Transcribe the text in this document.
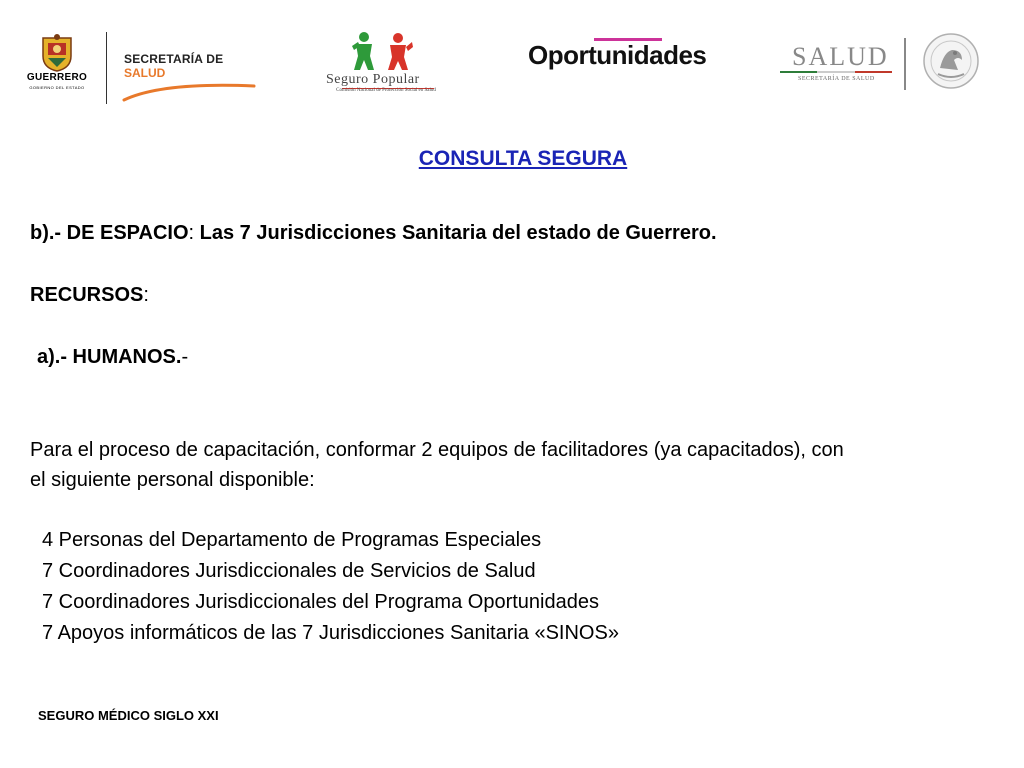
GUERRERO
GOBIERNO DEL ESTADO
SECRETARÍA DE
SALUD	Seguro Popular
Comisión Nacional de Protección Social en Salud
Oportunidades	SALUD
SECRETARÍA DE SALUD
CONSULTA SEGURA
b).- DE ESPACIO: Las 7 Jurisdicciones Sanitaria del estado de Guerrero.
RECURSOS:
a).- HUMANOS.-
Para el proceso de capacitación, conformar 2 equipos de facilitadores (ya capacitados), con
el siguiente personal disponible:
4 Personas del Departamento de Programas Especiales
7 Coordinadores Jurisdiccionales de Servicios de Salud
7 Coordinadores Jurisdiccionales del Programa Oportunidades
7 Apoyos informáticos de las 7 Jurisdicciones Sanitaria «SINOS»
SEGURO MÉDICO SIGLO XXI
